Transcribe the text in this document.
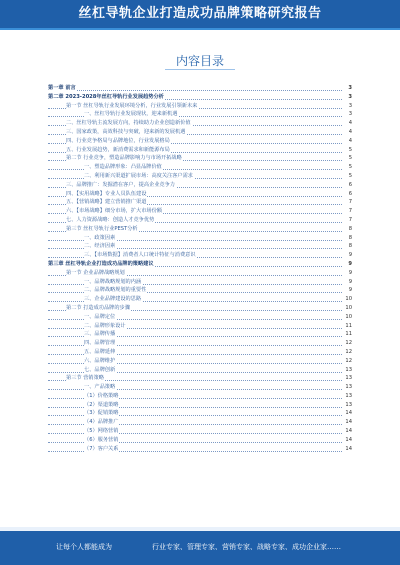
丝杠导轨企业打造成功品牌策略研究报告
内容目录
第一章 前言	3
第二章 2023-2028年丝杠导轨行业发展趋势分析	3
第一节 丝杠导轨行业发展环境分析，行业发展引领新未来	3
一、丝杠导轨行业发展现状，迎来新机遇	3
二、丝杠导轨主流发展方向，持续助力企业创造新价值	4
三、国家政策，高效科技与突破，迎来新的发展机遇	4
四、行业竞争格局与品牌地位，行业发展格局	4
五、行业发展趋势，新消费需求和新能源布局	5
第二节 行业竞争，塑造品牌影响力与市场开拓战略	5
一、塑造品牌形象：凸显品牌价值	5
二、利用新兴渠道扩展市场：高度关注客户需求	5
三、品牌推广：发掘潜在客户，提高企业竞争力	6
四、【实用战略】专业人员队伍建设	6
五、【营销战略】建立营销推广渠道	7
六、【市场战略】细分市场，扩大市场份额	7
七、人力资源战略：创造人才竞争优势	7
第三节 丝杠导轨行业PEST分析	8
一、政策因素	8
二、经济因素	8
三、【市场数据】消费者人口统计特征与消费意识	9
第三章 丝杠导轨企业打造成功品牌的策略建议	9
第一节 企业品牌战略规划	9
一、品牌战略规划的内涵	9
二、品牌战略规划的重要性	9
三、企业品牌建设的思路	10
第二节 打造成功品牌的步骤	10
一、品牌定位	10
二、品牌形象设计	11
三、品牌传播	11
四、品牌管理	12
五、品牌延伸	12
六、品牌维护	12
七、品牌创新	13
第三节 营销策略	13
一、产品策略	13
（1）价格策略	13
（2）渠道策略	13
（3）促销策略	14
（4）品牌推广	14
（5）网络营销	14
（6）服务营销	14
（7）客户关系	14
让每个人都能成为	行业专家、管理专家、营销专家、战略专家、成功企业家……
